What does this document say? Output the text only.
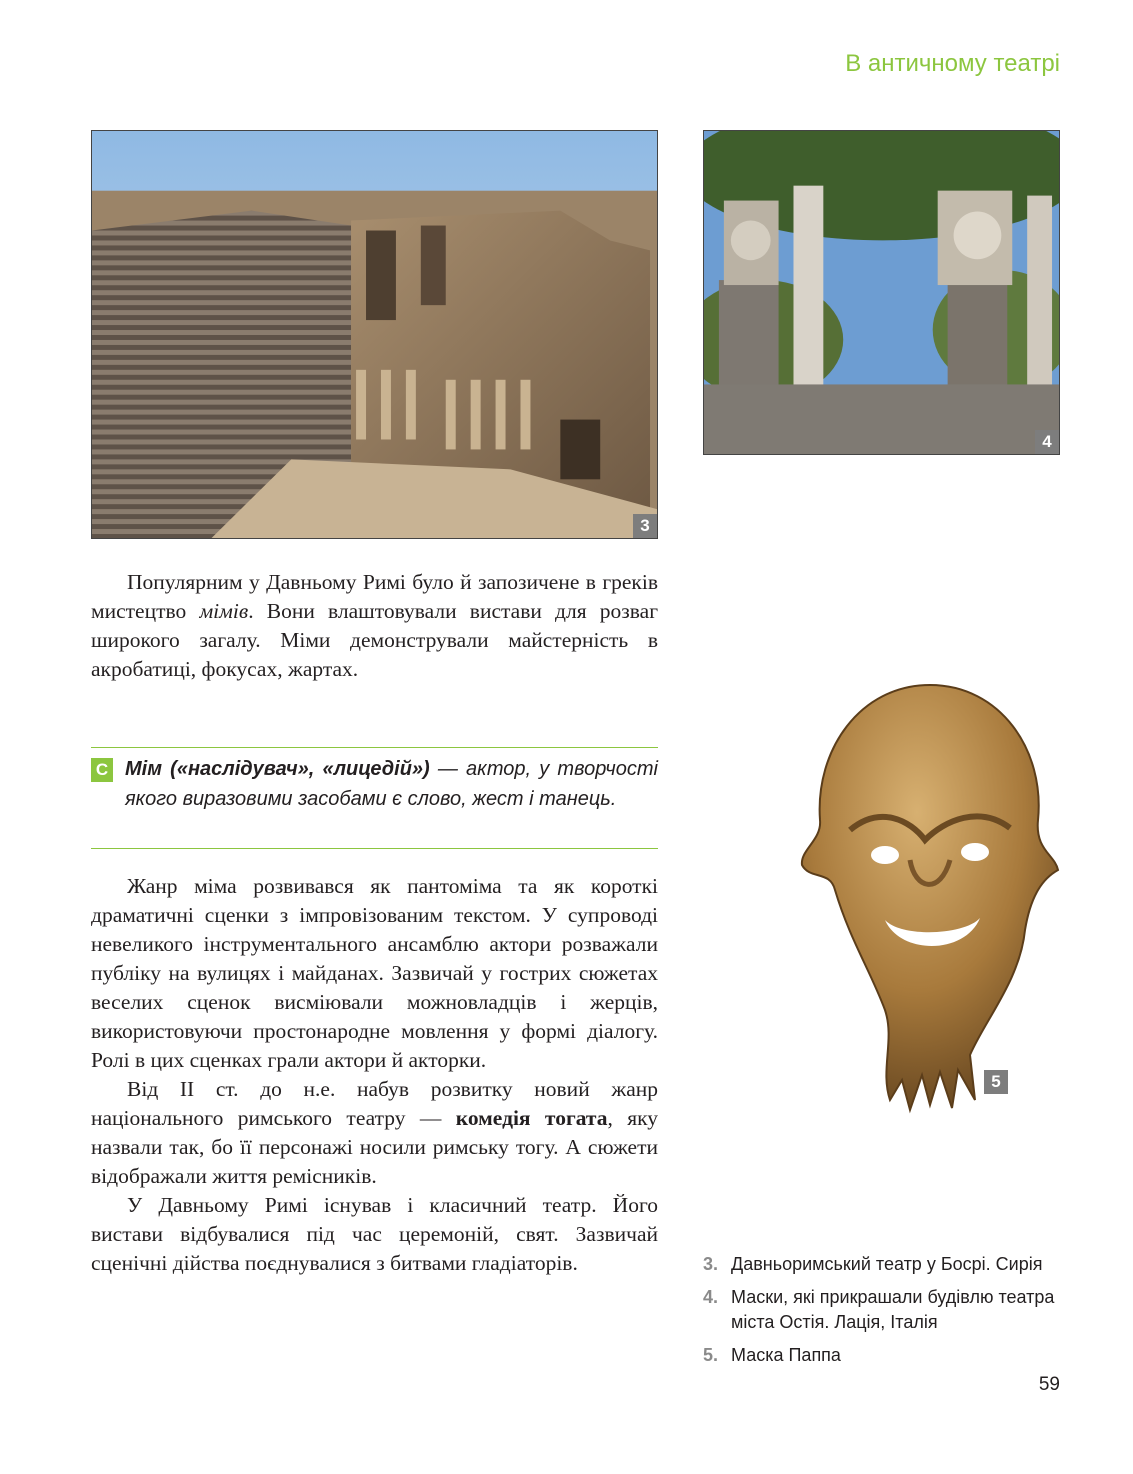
В античному театрі
3
4

Популярним у Давньому Римі було й запозичене в греків мистецтво мімів. Вони влаштовували вистави для розваг широкого загалу. Міми демонстрували майстерність в акробатиці, фокусах, жартах.

С Мім («наслідувач», «лицедій») — актор, у творчості якого виразовими засобами є слово, жест і танець.

Жанр міма розвивався як пантоміма та як короткі драматичні сценки з імпровізованим текстом. У супроводі невеликого інструментального ансамблю актори розважали публіку на вулицях і майданах. Зазвичай у гострих сюжетах веселих сценок висміювали можновладців і жерців, використовуючи простонародне мовлення у формі діалогу. Ролі в цих сценках грали актори й акторки.

Від ІІ ст. до н.е. набув розвитку новий жанр національного римського театру — комедія тогата, яку назвали так, бо її персонажі носили римську тогу. А сюжети відображали життя ремісників.

У Давньому Римі існував і класичний театр. Його вистави відбувалися під час церемоній, свят. Зазвичай сценічні дійства поєднувалися з битвами гладіаторів.

5
3. Давньоримський театр у Босрі. Сирія
4. Маски, які прикрашали будівлю театра міста Остія. Лація, Італія
5. Маска Паппа
59
